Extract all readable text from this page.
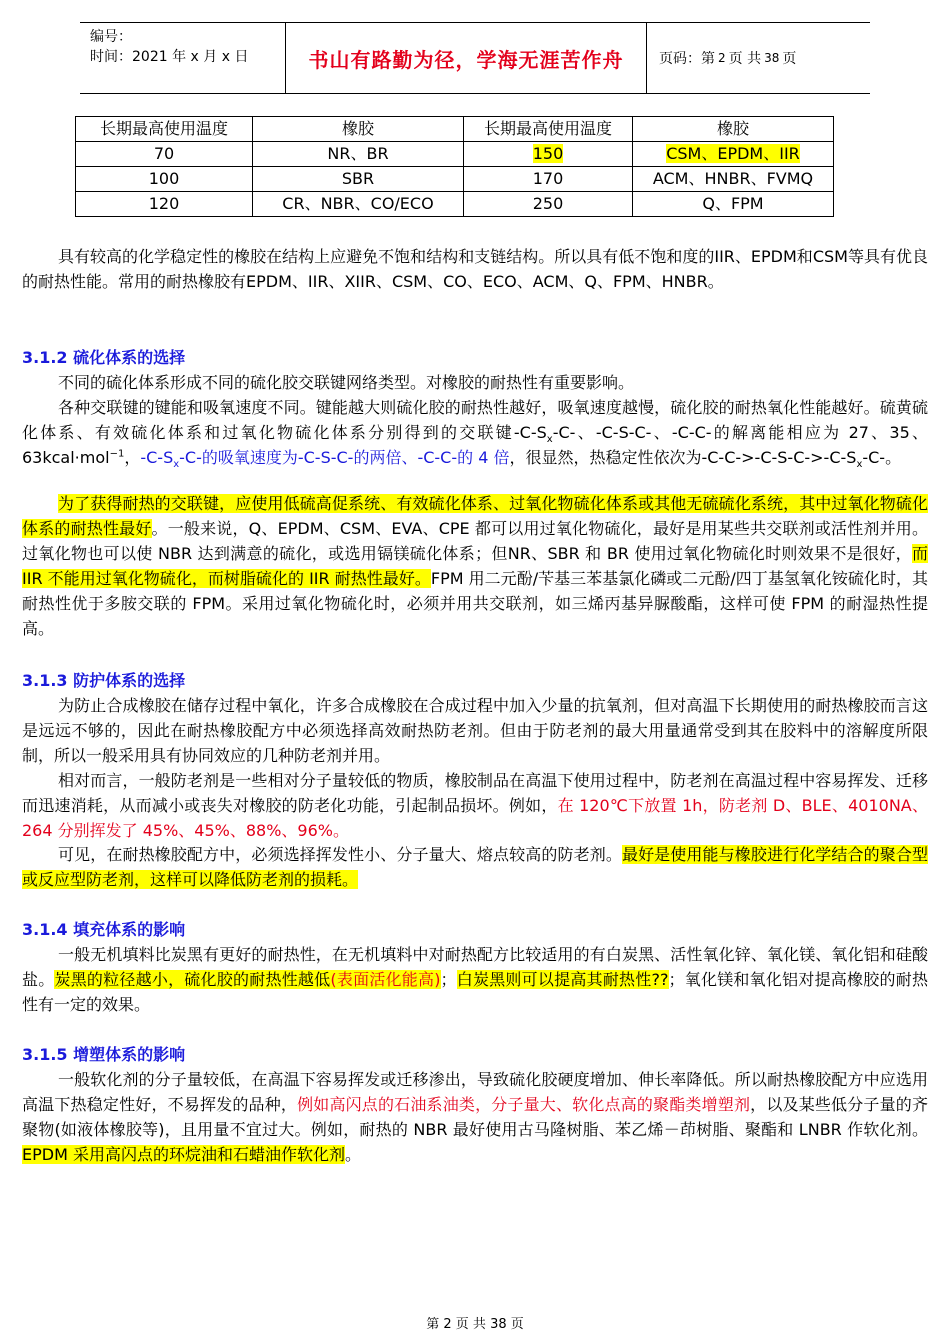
编号：
时间：2021 年 x 月 x 日	书山有路勤为径，学海无涯苦作舟	页码：第 2 页 共 38 页
长期最高使用温度	橡胶	长期最高使用温度	橡胶
70	NR、BR	150	CSM、EPDM、IIR
100	SBR	170	ACM、HNBR、FVMQ
120	CR、NBR、CO/ECO	250	Q、FPM

具有较高的化学稳定性的橡胶在结构上应避免不饱和结构和支链结构。所以具有低不饱和度的IIR、EPDM和CSM等具有优良的耐热性能。常用的耐热橡胶有EPDM、IIR、XIIR、CSM、CO、ECO、ACM、Q、FPM、HNBR。

3.1.2 硫化体系的选择

不同的硫化体系形成不同的硫化胶交联键网络类型。对橡胶的耐热性有重要影响。

各种交联键的键能和吸氧速度不同。键能越大则硫化胶的耐热性越好，吸氧速度越慢，硫化胶的耐热氧化性能越好。硫黄硫化体系、有效硫化体系和过氧化物硫化体系分别得到的交联键$-C-S_x-C-$、-C-S-C-、-C-C-的解离能相应为 27、35、63kcal·mol$^{-1}$，$-C-S_x-C-$的吸氧速度为-C-S-C-的两倍、-C-C-的 4 倍，很显然，热稳定性依次为$-C-C->-C-S-C->-C-S_x-C-$。

为了获得耐热的交联键，应使用低硫高促系统、有效硫化体系、过氧化物硫化体系或其他无硫硫化系统，其中过氧化物硫化体系的耐热性最好。一般来说，Q、EPDM、CSM、EVA、CPE 都可以用过氧化物硫化，最好是用某些共交联剂或活性剂并用。过氧化物也可以使 NBR 达到满意的硫化，或选用镉镁硫化体系；但NR、SBR 和 BR 使用过氧化物硫化时则效果不是很好，而 IIR 不能用过氧化物硫化，而树脂硫化的 IIR 耐热性最好。FPM 用二元酚/苄基三苯基氯化磷或二元酚/四丁基氢氧化铵硫化时，其耐热性优于多胺交联的 FPM。采用过氧化物硫化时，必须并用共交联剂，如三烯丙基异脲酸酯，这样可使 FPM 的耐湿热性提高。

3.1.3 防护体系的选择

为防止合成橡胶在储存过程中氧化，许多合成橡胶在合成过程中加入少量的抗氧剂，但对高温下长期使用的耐热橡胶而言这是远远不够的，因此在耐热橡胶配方中必须选择高效耐热防老剂。但由于防老剂的最大用量通常受到其在胶料中的溶解度所限制，所以一般采用具有协同效应的几种防老剂并用。

相对而言，一般防老剂是一些相对分子量较低的物质，橡胶制品在高温下使用过程中，防老剂在高温过程中容易挥发、迁移而迅速消耗，从而减小或丧失对橡胶的防老化功能，引起制品损坏。例如，在 120℃下放置 1h，防老剂 D、BLE、4010NA、264 分别挥发了 45%、45%、88%、96%。

可见，在耐热橡胶配方中，必须选择挥发性小、分子量大、熔点较高的防老剂。最好是使用能与橡胶进行化学结合的聚合型或反应型防老剂，这样可以降低防老剂的损耗。

3.1.4 填充体系的影响

一般无机填料比炭黑有更好的耐热性，在无机填料中对耐热配方比较适用的有白炭黑、活性氧化锌、氧化镁、氧化铝和硅酸盐。炭黑的粒径越小，硫化胶的耐热性越低(表面活化能高)；白炭黑则可以提高其耐热性??；氧化镁和氧化铝对提高橡胶的耐热性有一定的效果。

3.1.5 增塑体系的影响

一般软化剂的分子量较低，在高温下容易挥发或迁移渗出，导致硫化胶硬度增加、伸长率降低。所以耐热橡胶配方中应选用高温下热稳定性好，不易挥发的品种，例如高闪点的石油系油类，分子量大、软化点高的聚酯类增塑剂，以及某些低分子量的齐聚物(如液体橡胶等)，且用量不宜过大。例如，耐热的 NBR 最好使用古马隆树脂、苯乙烯－茚树脂、聚酯和 LNBR 作软化剂。EPDM 采用高闪点的环烷油和石蜡油作软化剂。

第 2 页 共 38 页
